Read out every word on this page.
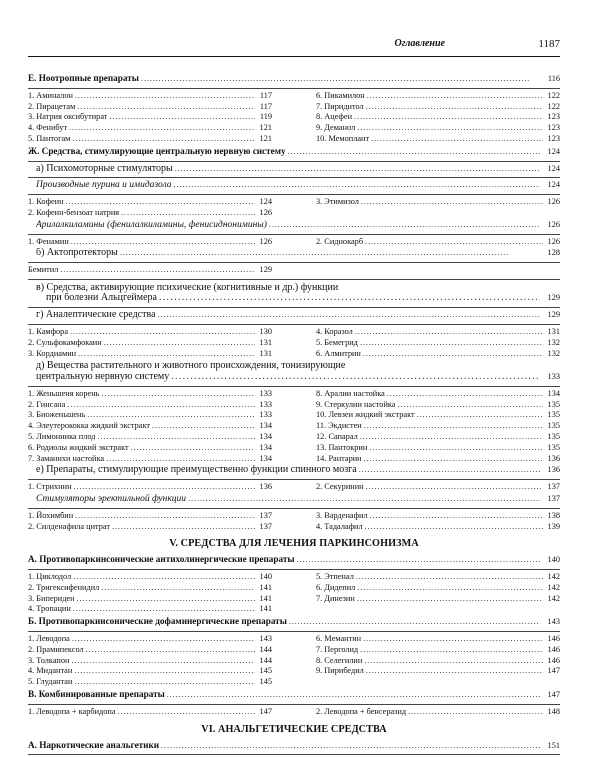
Оглавление	1187
Е. Ноотропные препараты . . .	116
1. Аминалон . . .	117
2. Пирацетам . . .	117
3. Натрия оксибутират . . .	119
4. Фенибут . . .	121
5. Пантогам . . .	121
6. Пикамилон . . .	122
7. Пиридитол . . .	122
8. Ацефен . . .	123
9. Деманол . . .	123
10. Мемоплант . . .	123
Ж. Средства, стимулирующие центральную нервную систему . . .	124
а) Психомоторные стимуляторы . . .	124
Производные пурина и имидазола . . .	124
1. Кофеин . . .	124
2. Кофеин-бензоат натрия . . .	126
3. Этимизол . . .	126
Арилалкиламины (фенилалкиламины, фенисиднонимины) . . .	126
1. Фенамин . . .	126	2. Сиднокарб . . .	126
б) Актопротекторы . . .	128
Бемитил . . .	129
в) Средства, активирующие психические (когнитивные и др.) функции
при болезни Альцгеймера . . .	129
г) Аналептические средства . . .	129
1. Камфора . . .	130
2. Сульфокамфокаин . . .	131
3. Кордиамин . . .	131
4. Коразол . . .	131
5. Бемегрид . . .	132
6. Алмитрин . . .	132
д) Вещества растительного и животного происхождения, тонизирующие
центральную нервную систему . . .	133
1. Женьшеня корень . . .	133
2. Гинсана . . .	133
3. Биоженьшень . . .	133
4. Элеутерококка жидкий экстракт . . .	134
5. Лимонника плод . . .	134
6. Родиолы жидкий экстракт . . .	134
7. Заманихи настойка . . .	134
8. Аралии настойка . . .	134
9. Стеркулии настойка . . .	135
10. Левзеи жидкий экстракт . . .	135
11. Экдистен . . .	135
12. Сапарал . . .	135
13. Пантокрин . . .	135
14. Рантарин . . .	136
е) Препараты, стимулирующие преимущественно функции спинного мозга . . .	136
1. Стрихнин . . .	136	2. Секуринин . . .	137
Стимуляторы эректильной функции . . .	137
1. Йохимбин . . .	137
2. Силденафила цитрат . . .	137
3. Варденафил . . .	138
4. Тадалафил . . .	139
V. СРЕДСТВА ДЛЯ ЛЕЧЕНИЯ ПАРКИНСОНИЗМА
А. Противопаркинсонические антихолинергические препараты . . .	140
1. Циклодол . . .	140
2. Тригексифенидил . . .	141
3. Бипериден . . .	141
4. Тропацин . . .	141
5. Этпенал . . .	142
6. Дидепил . . .	142
7. Динезин . . .	142
Б. Противопаркинсонические дофаминергические препараты . . .	143
1. Леводопа . . .	143
2. Прамипексол . . .	144
3. Толкапон . . .	144
4. Мидантан . . .	145
5. Глудантан . . .	145
6. Мемантин . . .	146
7. Перголид . . .	146
8. Селегилин . . .	146
9. Пирибедил . . .	147
В. Комбинированные препараты . . .	147
1. Леводопа + карбидопа . . .	147	2. Леводопа + бенсеразид . . .	148
VI. АНАЛЬГЕТИЧЕСКИЕ СРЕДСТВА
А. Наркотические анальгетики . . .	151
